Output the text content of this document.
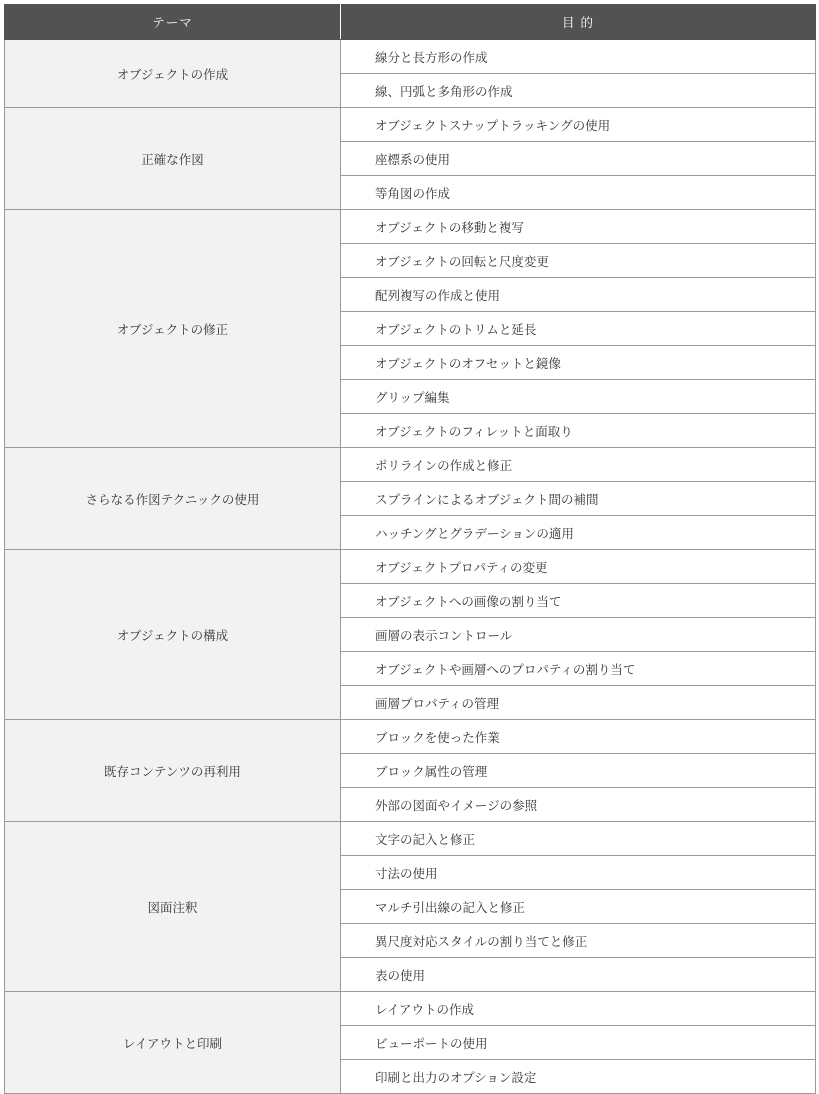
テーマ	目 的
オブジェクトの作成	線分と長方形の作成
	線、円弧と多角形の作成
正確な作図	オブジェクトスナップトラッキングの使用
	座標系の使用
	等角図の作成
オブジェクトの修正	オブジェクトの移動と複写
	オブジェクトの回転と尺度変更
	配列複写の作成と使用
	オブジェクトのトリムと延長
	オブジェクトのオフセットと鏡像
	グリップ編集
	オブジェクトのフィレットと面取り
さらなる作図テクニックの使用	ポリラインの作成と修正
	スプラインによるオブジェクト間の補間
	ハッチングとグラデーションの適用
オブジェクトの構成	オブジェクトプロパティの変更
	オブジェクトへの画像の割り当て
	画層の表示コントロール
	オブジェクトや画層へのプロパティの割り当て
	画層プロパティの管理
既存コンテンツの再利用	ブロックを使った作業
	ブロック属性の管理
	外部の図面やイメージの参照
図面注釈	文字の記入と修正
	寸法の使用
	マルチ引出線の記入と修正
	異尺度対応スタイルの割り当てと修正
	表の使用
レイアウトと印刷	レイアウトの作成
	ビューポートの使用
	印刷と出力のオプション設定
